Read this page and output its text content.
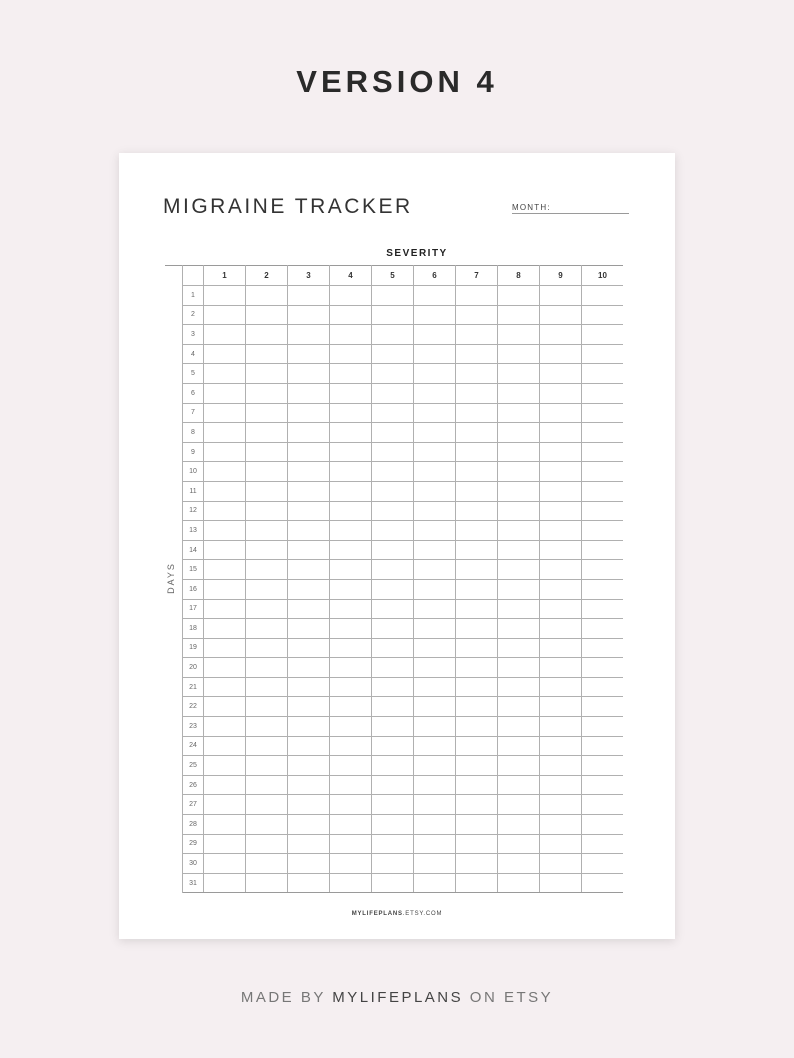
VERSION 4
MIGRAINE TRACKER	MONTH:
SEVERITY
DAYS
		1	2	3	4	5	6	7	8	9	10
	1										
	2										
	3										
	4										
	5										
	6										
	7										
	8										
	9										
	10										
	11										
	12										
	13										
	14										
	15										
	16										
	17										
	18										
	19										
	20										
	21										
	22										
	23										
	24										
	25										
	26										
	27										
	28										
	29										
	30										
	31										
MYLIFEPLANS.ETSY.COM
MADE BY MYLIFEPLANS ON ETSY
